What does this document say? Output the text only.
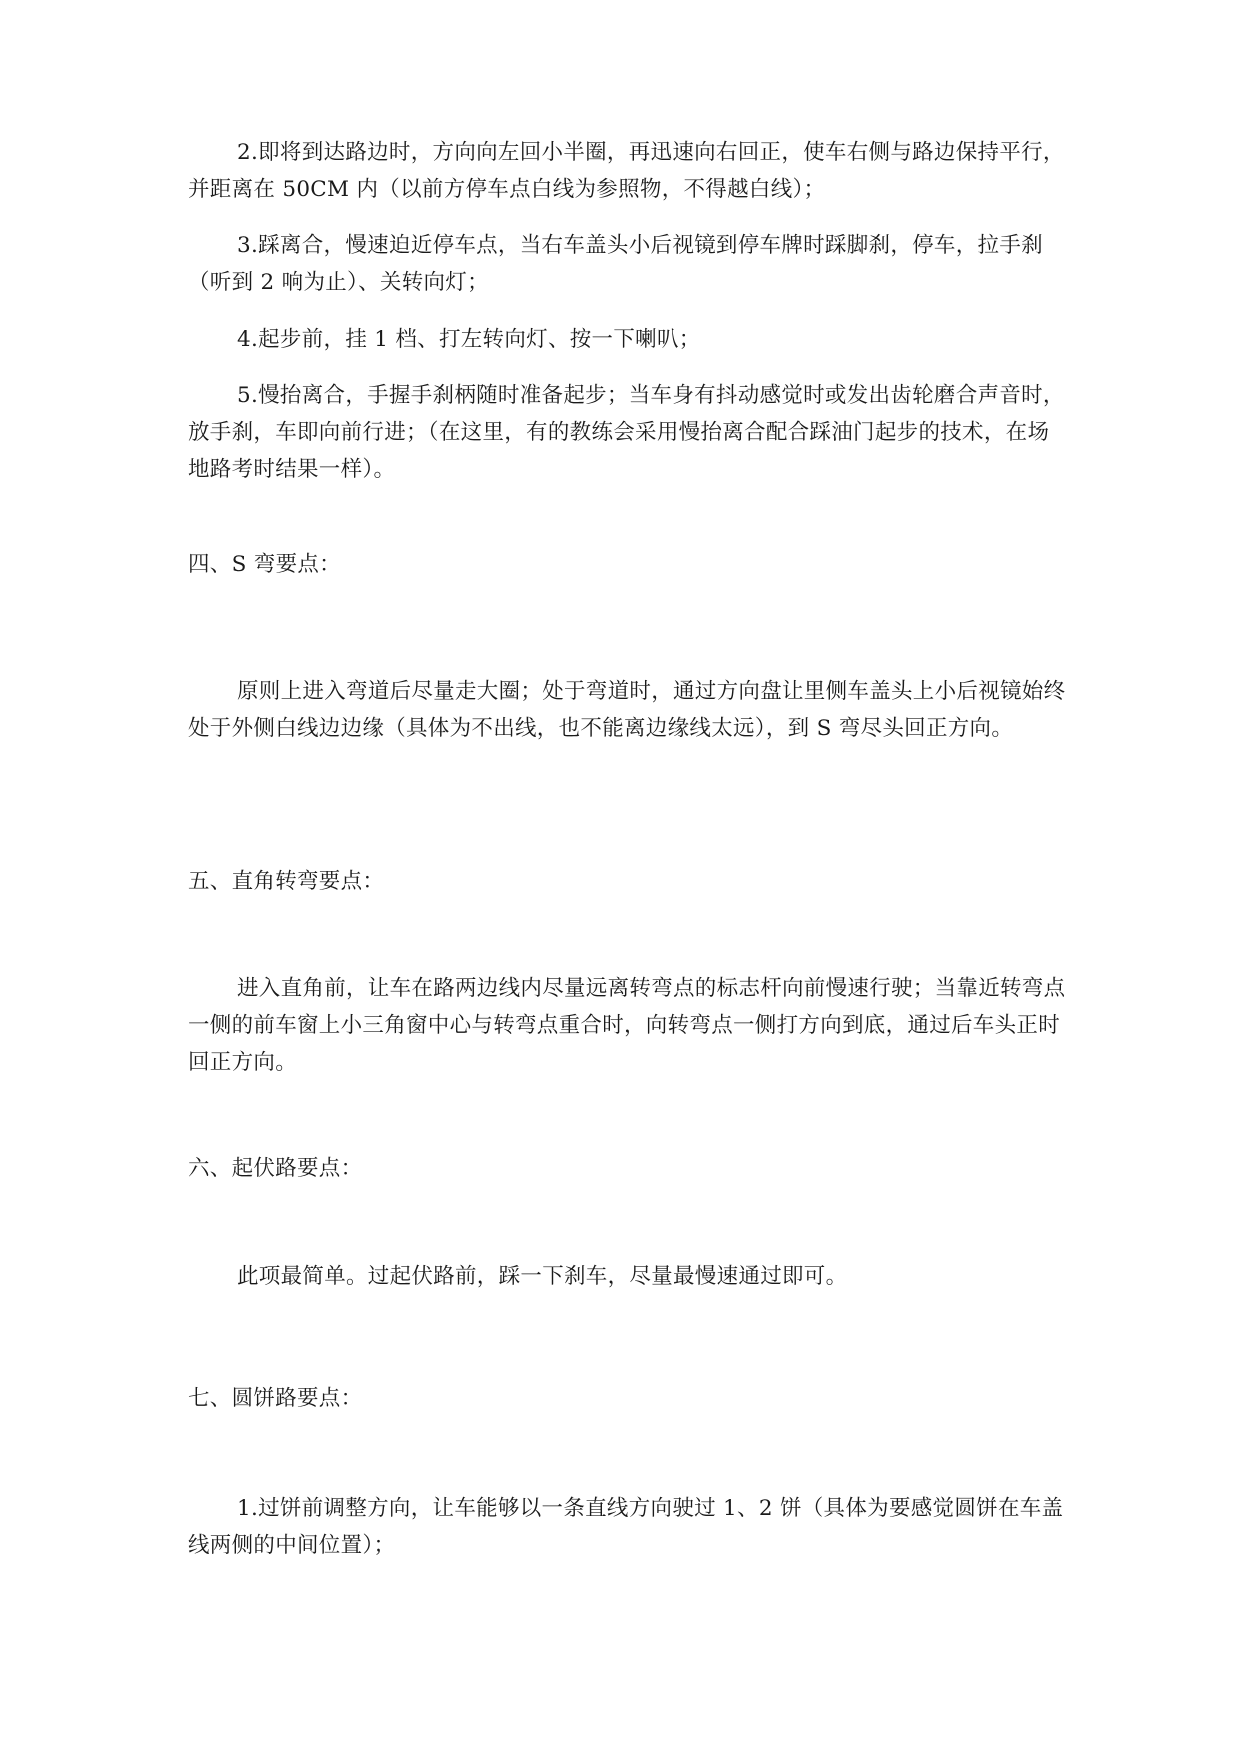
2.即将到达路边时，方向向左回小半圈，再迅速向右回正，使车右侧与路边保持平行，并距离在 50CM 内（以前方停车点白线为参照物，不得越白线）；

3.踩离合，慢速迫近停车点，当右车盖头小后视镜到停车牌时踩脚刹，停车，拉手刹（听到 2 响为止）、关转向灯；

4.起步前，挂 1 档、打左转向灯、按一下喇叭；

5.慢抬离合，手握手刹柄随时准备起步；当车身有抖动感觉时或发出齿轮磨合声音时，放手刹，车即向前行进；（在这里，有的教练会采用慢抬离合配合踩油门起步的技术，在场地路考时结果一样）。

四、S 弯要点：

原则上进入弯道后尽量走大圈；处于弯道时，通过方向盘让里侧车盖头上小后视镜始终处于外侧白线边边缘（具体为不出线，也不能离边缘线太远），到 S 弯尽头回正方向。

五、直角转弯要点：

进入直角前，让车在路两边线内尽量远离转弯点的标志杆向前慢速行驶；当靠近转弯点一侧的前车窗上小三角窗中心与转弯点重合时，向转弯点一侧打方向到底，通过后车头正时回正方向。

六、起伏路要点：

此项最简单。过起伏路前，踩一下刹车，尽量最慢速通过即可。

七、圆饼路要点：

1.过饼前调整方向，让车能够以一条直线方向驶过 1、2 饼（具体为要感觉圆饼在车盖线两侧的中间位置）；
